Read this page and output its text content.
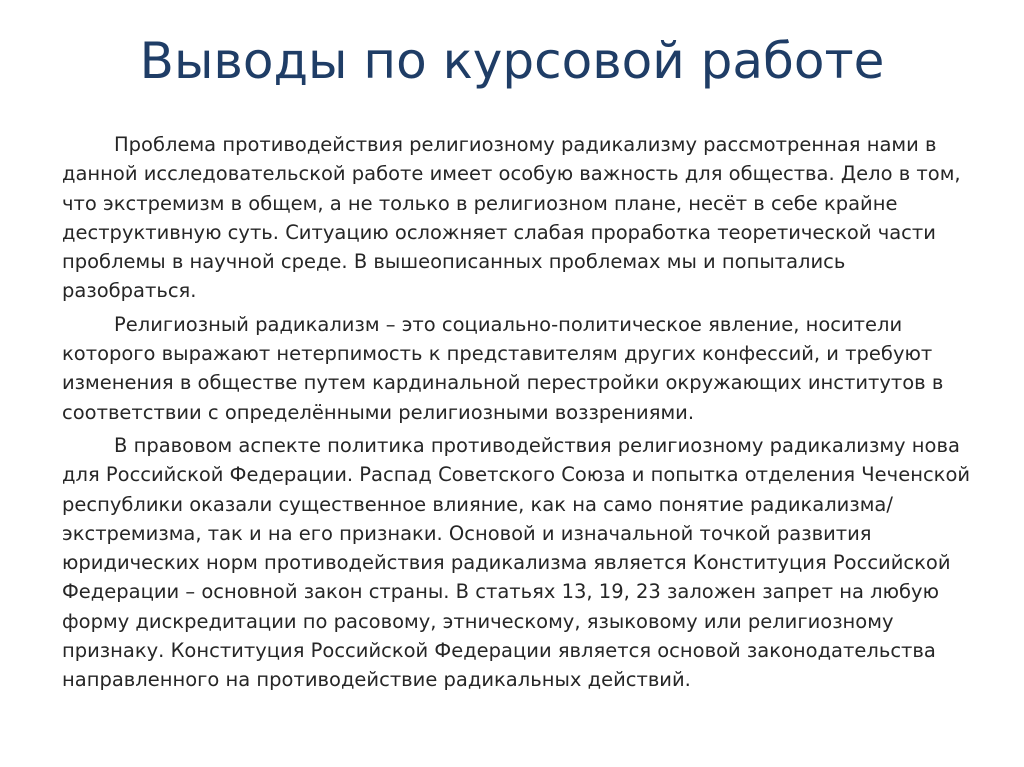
Выводы по курсовой работе

Проблема противодействия религиозному радикализму рассмотренная нами в данной исследовательской работе имеет особую важность для общества. Дело в том, что экстремизм в общем, а не только в религиозном плане, несёт в себе крайне деструктивную суть. Ситуацию осложняет слабая проработка теоретической части проблемы в научной среде. В вышеописанных проблемах мы и попытались разобраться.

Религиозный радикализм – это социально-политическое явление, носители которого выражают нетерпимость к представителям других конфессий, и требуют изменения в обществе путем кардинальной перестройки окружающих институтов в соответствии с определёнными религиозными воззрениями.

В правовом аспекте политика противодействия религиозному радикализму нова для Российской Федерации. Распад Советского Союза и попытка отделения Чеченской республики оказали существенное влияние, как на само понятие радикализма/экстремизма, так и на его признаки. Основой и изначальной точкой развития юридических норм противодействия радикализма является Конституция Российской Федерации – основной закон страны. В статьях 13, 19, 23 заложен запрет на любую форму дискредитации по расовому, этническому, языковому или религиозному признаку. Конституция Российской Федерации является основой законодательства направленного на противодействие радикальных действий.
